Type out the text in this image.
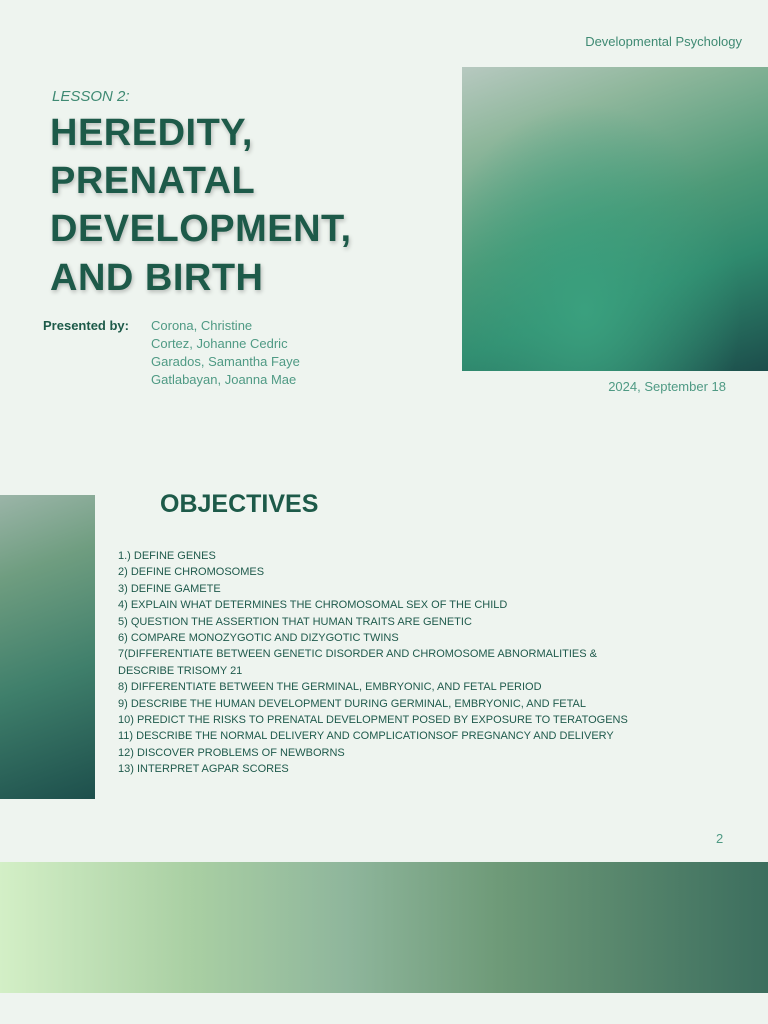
Developmental Psychology
LESSON 2:
HEREDITY,
PRENATAL
DEVELOPMENT,
AND BIRTH
Presented by: Corona, Christine
Cortez, Johanne Cedric
Garados, Samantha Faye
Gatlabayan, Joanna Mae	2024, September 18
OBJECTIVES
1.) DEFINE GENES
2) DEFINE CHROMOSOMES
3) DEFINE GAMETE
4) EXPLAIN WHAT DETERMINES THE CHROMOSOMAL SEX OF THE CHILD
5) QUESTION THE ASSERTION THAT HUMAN TRAITS ARE GENETIC
6) COMPARE MONOZYGOTIC AND DIZYGOTIC TWINS
7(DIFFERENTIATE BETWEEN GENETIC DISORDER AND CHROMOSOME ABNORMALITIES &
DESCRIBE TRISOMY 21
8) DIFFERENTIATE BETWEEN THE GERMINAL, EMBRYONIC, AND FETAL PERIOD
9) DESCRIBE THE HUMAN DEVELOPMENT DURING GERMINAL, EMBRYONIC, AND FETAL
10) PREDICT THE RISKS TO PRENATAL DEVELOPMENT POSED BY EXPOSURE TO TERATOGENS
11) DESCRIBE THE NORMAL DELIVERY AND COMPLICATIONSOF PREGNANCY AND DELIVERY
12) DISCOVER PROBLEMS OF NEWBORNS
13) INTERPRET AGPAR SCORES
2
